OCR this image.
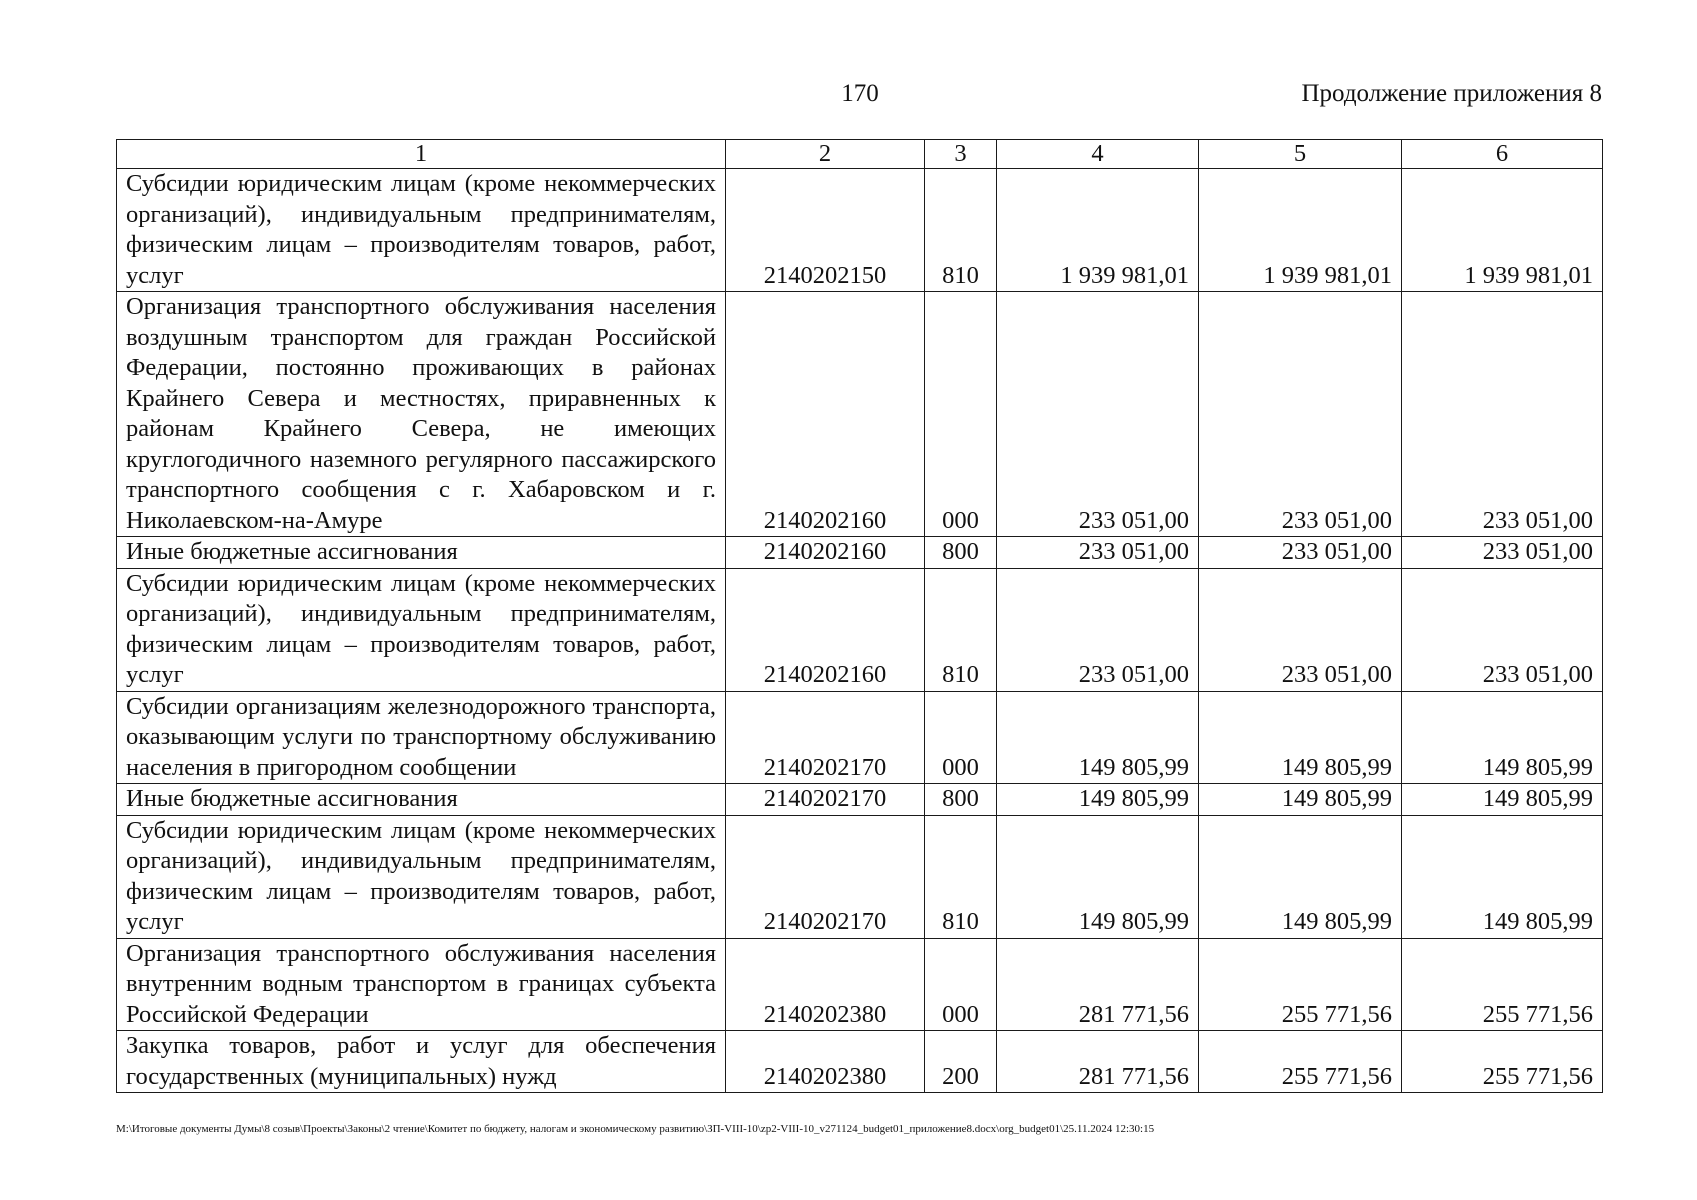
170	Продолжение приложения 8
1	2	3	4	5	6
Субсидии юридическим лицам (кроме некоммерческих организаций), индивидуальным предпринимателям, физическим лицам – производителям товаров, работ, услуг	2140202150	810	1 939 981,01	1 939 981,01	1 939 981,01
Организация транспортного обслуживания населения воздушным транспортом для граждан Российской Федерации, постоянно проживающих в районах Крайнего Севера и местностях, приравненных к районам Крайнего Севера, не имеющих круглогодичного наземного регулярного пассажирского транспортного сообщения с г. Хабаровском и г. Николаевском-на-Амуре	2140202160	000	233 051,00	233 051,00	233 051,00
Иные бюджетные ассигнования	2140202160	800	233 051,00	233 051,00	233 051,00
Субсидии юридическим лицам (кроме некоммерческих организаций), индивидуальным предпринимателям, физическим лицам – производителям товаров, работ, услуг	2140202160	810	233 051,00	233 051,00	233 051,00
Субсидии организациям железнодорожного транспорта, оказывающим услуги по транспортному обслуживанию населения в пригородном сообщении	2140202170	000	149 805,99	149 805,99	149 805,99
Иные бюджетные ассигнования	2140202170	800	149 805,99	149 805,99	149 805,99
Субсидии юридическим лицам (кроме некоммерческих организаций), индивидуальным предпринимателям, физическим лицам – производителям товаров, работ, услуг	2140202170	810	149 805,99	149 805,99	149 805,99
Организация транспортного обслуживания населения внутренним водным транспортом в границах субъекта Российской Федерации	2140202380	000	281 771,56	255 771,56	255 771,56
Закупка товаров, работ и услуг для обеспечения государственных (муниципальных) нужд	2140202380	200	281 771,56	255 771,56	255 771,56
M:\Итоговые документы Думы\8 созыв\Проекты\Законы\2 чтение\Комитет по бюджету, налогам и экономическому развитию\ЗП-VIII-10\zp2-VIII-10_v271124_budget01_приложение8.docx\org_budget01\25.11.2024 12:30:15
